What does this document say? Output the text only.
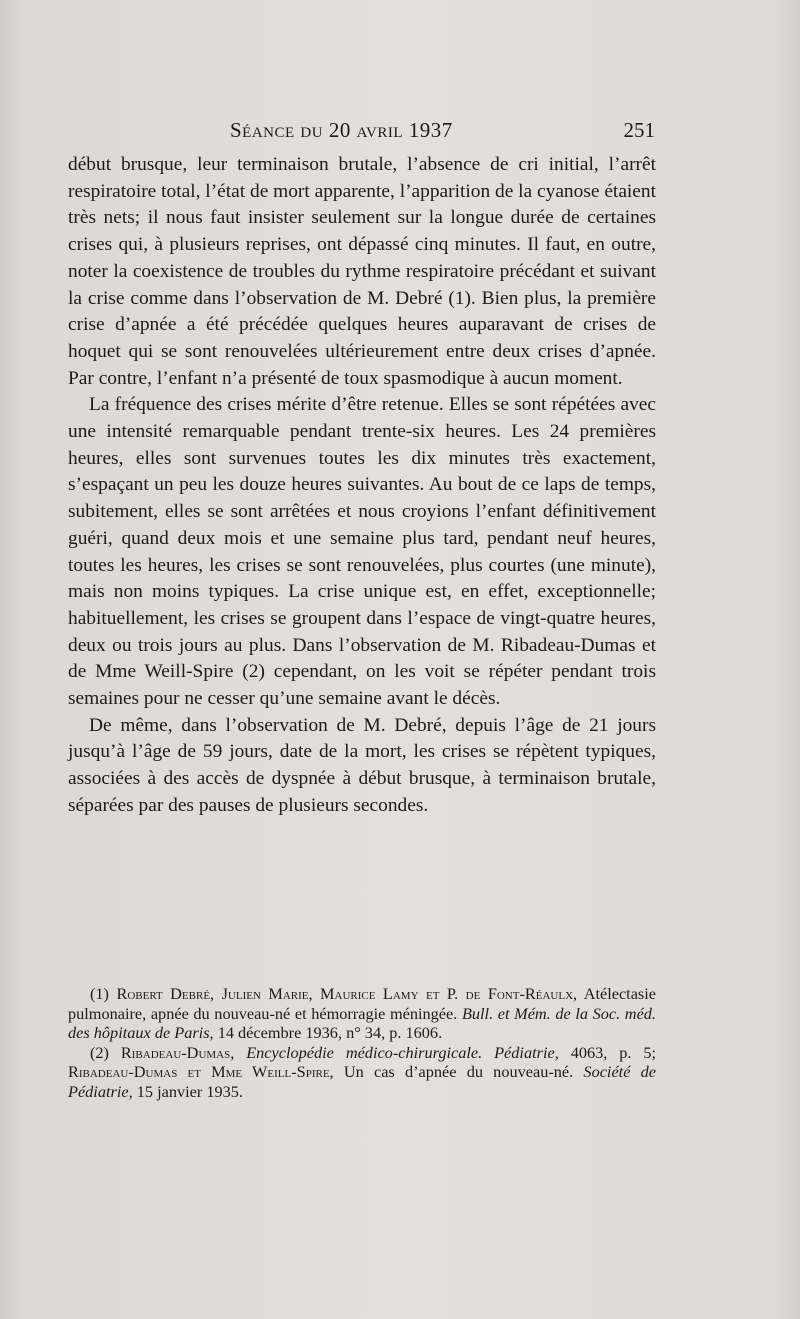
Séance du 20 avril 1937	251

début brusque, leur terminaison brutale, l’absence de cri initial, l’arrêt respiratoire total, l’état de mort apparente, l’apparition de la cyanose étaient très nets; il nous faut insister seulement sur la longue durée de certaines crises qui, à plusieurs reprises, ont dépassé cinq minutes. Il faut, en outre, noter la coexistence de troubles du rythme respiratoire précédant et suivant la crise comme dans l’observation de M. Debré (1). Bien plus, la première crise d’apnée a été précédée quelques heures auparavant de crises de hoquet qui se sont renouvelées ultérieurement entre deux crises d’apnée. Par contre, l’enfant n’a présenté de toux spasmodique à aucun moment.

La fréquence des crises mérite d’être retenue. Elles se sont répétées avec une intensité remarquable pendant trente-six heures. Les 24 premières heures, elles sont survenues toutes les dix minutes très exactement, s’espaçant un peu les douze heures suivantes. Au bout de ce laps de temps, subitement, elles se sont arrêtées et nous croyions l’enfant définitivement guéri, quand deux mois et une semaine plus tard, pendant neuf heures, toutes les heures, les crises se sont renouvelées, plus courtes (une minute), mais non moins typiques. La crise unique est, en effet, exceptionnelle; habituellement, les crises se groupent dans l’espace de vingt-quatre heures, deux ou trois jours au plus. Dans l’observation de M. Ribadeau-Dumas et de Mme Weill-Spire (2) cependant, on les voit se répéter pendant trois semaines pour ne cesser qu’une semaine avant le décès.

De même, dans l’observation de M. Debré, depuis l’âge de 21 jours jusqu’à l’âge de 59 jours, date de la mort, les crises se répètent typiques, associées à des accès de dyspnée à début brusque, à terminaison brutale, séparées par des pauses de plusieurs secondes.

(1) Robert Debré, Julien Marie, Maurice Lamy et P. de Font-Réaulx, Atélectasie pulmonaire, apnée du nouveau-né et hémorragie méningée. Bull. et Mém. de la Soc. méd. des hôpitaux de Paris, 14 décembre 1936, n° 34, p. 1606.

(2) Ribadeau-Dumas, Encyclopédie médico-chirurgicale. Pédiatrie, 4063, p. 5; Ribadeau-Dumas et Mme Weill-Spire, Un cas d’apnée du nouveau-né. Société de Pédiatrie, 15 janvier 1935.
